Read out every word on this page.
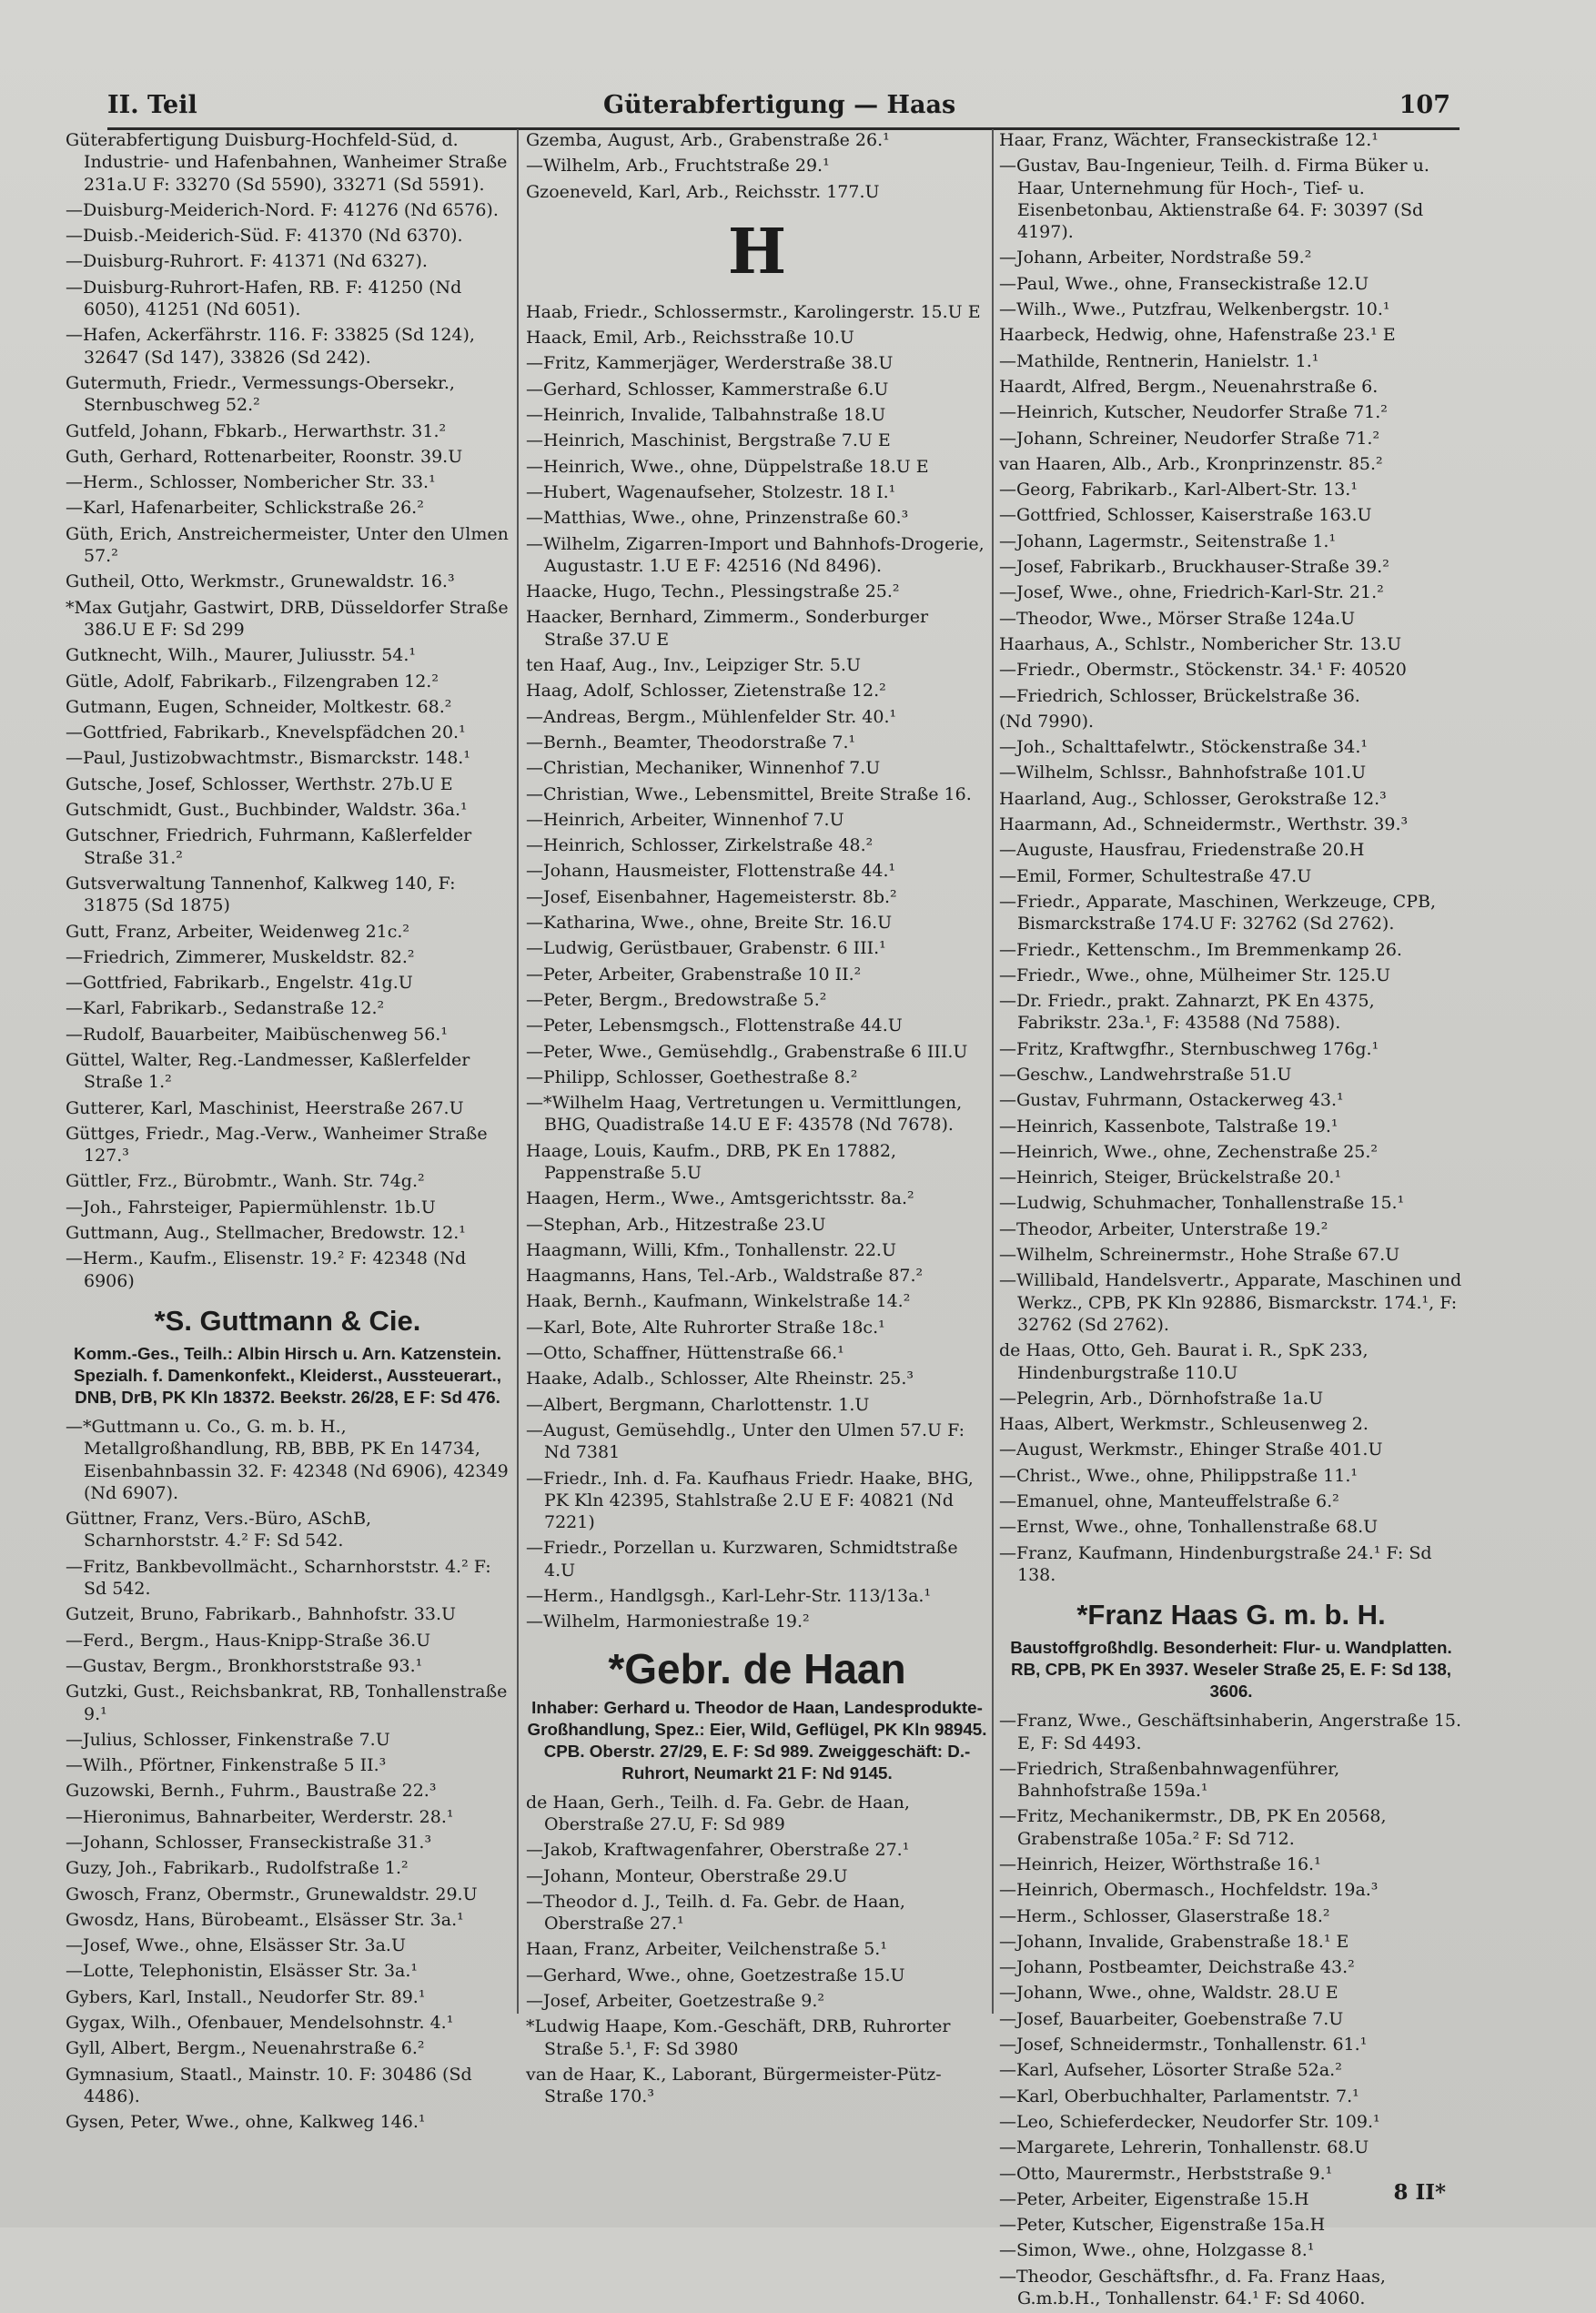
II. Teil	Güterabfertigung — Haas	107
Güterabfertigung Duisburg-Hochfeld-Süd, d. Industrie- und Hafenbahnen, Wanheimer Straße 231a.U F: 33270 (Sd 5590), 33271 (Sd 5591).
—Duisburg-Meiderich-Nord. F: 41276 (Nd 6576).
—Duisb.-Meiderich-Süd. F: 41370 (Nd 6370).
—Duisburg-Ruhrort. F: 41371 (Nd 6327).
—Duisburg-Ruhrort-Hafen, RB. F: 41250 (Nd 6050), 41251 (Nd 6051).
—Hafen, Ackerfährstr. 116. F: 33825 (Sd 124), 32647 (Sd 147), 33826 (Sd 242).
Gutermuth, Friedr., Vermessungs-Obersekr., Sternbuschweg 52.²
Gutfeld, Johann, Fbkarb., Herwarthstr. 31.²
Guth, Gerhard, Rottenarbeiter, Roonstr. 39.U
—Herm., Schlosser, Nombericher Str. 33.¹
—Karl, Hafenarbeiter, Schlickstraße 26.²
Güth, Erich, Anstreichermeister, Unter den Ulmen 57.²
Gutheil, Otto, Werkmstr., Grunewaldstr. 16.³
*Max Gutjahr, Gastwirt, DRB, Düsseldorfer Straße 386.U E F: Sd 299
Gutknecht, Wilh., Maurer, Juliusstr. 54.¹
Gütle, Adolf, Fabrikarb., Filzengraben 12.²
Gutmann, Eugen, Schneider, Moltkestr. 68.²
—Gottfried, Fabrikarb., Knevelspfädchen 20.¹
—Paul, Justizobwachtmstr., Bismarckstr. 148.¹
Gutsche, Josef, Schlosser, Werthstr. 27b.U E
Gutschmidt, Gust., Buchbinder, Waldstr. 36a.¹
Gutschner, Friedrich, Fuhrmann, Kaßlerfelder Straße 31.²
Gutsverwaltung Tannenhof, Kalkweg 140, F: 31875 (Sd 1875)
Gutt, Franz, Arbeiter, Weidenweg 21c.²
—Friedrich, Zimmerer, Muskeldstr. 82.²
—Gottfried, Fabrikarb., Engelstr. 41g.U
—Karl, Fabrikarb., Sedanstraße 12.²
—Rudolf, Bauarbeiter, Maibüschenweg 56.¹
Güttel, Walter, Reg.-Landmesser, Kaßlerfelder Straße 1.²
Gutterer, Karl, Maschinist, Heerstraße 267.U
Güttges, Friedr., Mag.-Verw., Wanheimer Straße 127.³
Güttler, Frz., Bürobmtr., Wanh. Str. 74g.²
—Joh., Fahrsteiger, Papiermühlenstr. 1b.U
Guttmann, Aug., Stellmacher, Bredowstr. 12.¹
—Herm., Kaufm., Elisenstr. 19.² F: 42348 (Nd 6906)
*S. Guttmann & Cie.
Komm.-Ges., Teilh.: Albin Hirsch u. Arn. Katzenstein. Spezialh. f. Damenkonfekt., Kleiderst., Aussteuerart., DNB, DrB, PK Kln 18372. Beekstr. 26/28, E F: Sd 476.
—*Guttmann u. Co., G. m. b. H., Metallgroßhandlung, RB, BBB, PK En 14734, Eisenbahnbassin 32. F: 42348 (Nd 6906), 42349 (Nd 6907).
Güttner, Franz, Vers.-Büro, ASchB, Scharnhorststr. 4.² F: Sd 542.
—Fritz, Bankbevollmächt., Scharnhorststr. 4.² F: Sd 542.
Gutzeit, Bruno, Fabrikarb., Bahnhofstr. 33.U
—Ferd., Bergm., Haus-Knipp-Straße 36.U
—Gustav, Bergm., Bronkhorststraße 93.¹
Gutzki, Gust., Reichsbankrat, RB, Tonhallenstraße 9.¹
—Julius, Schlosser, Finkenstraße 7.U
—Wilh., Pförtner, Finkenstraße 5 II.³
Guzowski, Bernh., Fuhrm., Baustraße 22.³
—Hieronimus, Bahnarbeiter, Werderstr. 28.¹
—Johann, Schlosser, Franseckistraße 31.³
Guzy, Joh., Fabrikarb., Rudolfstraße 1.²
Gwosch, Franz, Obermstr., Grunewaldstr. 29.U
Gwosdz, Hans, Bürobeamt., Elsässer Str. 3a.¹
—Josef, Wwe., ohne, Elsässer Str. 3a.U
—Lotte, Telephonistin, Elsässer Str. 3a.¹
Gybers, Karl, Install., Neudorfer Str. 89.¹
Gygax, Wilh., Ofenbauer, Mendelsohnstr. 4.¹
Gyll, Albert, Bergm., Neuenahrstraße 6.²
Gymnasium, Staatl., Mainstr. 10. F: 30486 (Sd 4486).
Gysen, Peter, Wwe., ohne, Kalkweg 146.¹
Gzemba, August, Arb., Grabenstraße 26.¹
—Wilhelm, Arb., Fruchtstraße 29.¹
Gzoeneveld, Karl, Arb., Reichsstr. 177.U
H
Haab, Friedr., Schlossermstr., Karolingerstr. 15.U E
Haack, Emil, Arb., Reichsstraße 10.U
—Fritz, Kammerjäger, Werderstraße 38.U
—Gerhard, Schlosser, Kammerstraße 6.U
—Heinrich, Invalide, Talbahnstraße 18.U
—Heinrich, Maschinist, Bergstraße 7.U E
—Heinrich, Wwe., ohne, Düppelstraße 18.U E
—Hubert, Wagenaufseher, Stolzestr. 18 I.¹
—Matthias, Wwe., ohne, Prinzenstraße 60.³
—Wilhelm, Zigarren-Import und Bahnhofs-Drogerie, Augustastr. 1.U E F: 42516 (Nd 8496).
Haacke, Hugo, Techn., Plessingstraße 25.²
Haacker, Bernhard, Zimmerm., Sonderburger Straße 37.U E
ten Haaf, Aug., Inv., Leipziger Str. 5.U
Haag, Adolf, Schlosser, Zietenstraße 12.²
—Andreas, Bergm., Mühlenfelder Str. 40.¹
—Bernh., Beamter, Theodorstraße 7.¹
—Christian, Mechaniker, Winnenhof 7.U
—Christian, Wwe., Lebensmittel, Breite Straße 16.
—Heinrich, Arbeiter, Winnenhof 7.U
—Heinrich, Schlosser, Zirkelstraße 48.²
—Johann, Hausmeister, Flottenstraße 44.¹
—Josef, Eisenbahner, Hagemeisterstr. 8b.²
—Katharina, Wwe., ohne, Breite Str. 16.U
—Ludwig, Gerüstbauer, Grabenstr. 6 III.¹
—Peter, Arbeiter, Grabenstraße 10 II.²
—Peter, Bergm., Bredowstraße 5.²
—Peter, Lebensmgsch., Flottenstraße 44.U
—Peter, Wwe., Gemüsehdlg., Grabenstraße 6 III.U
—Philipp, Schlosser, Goethestraße 8.²
—*Wilhelm Haag, Vertretungen u. Vermittlungen, BHG, Quadistraße 14.U E F: 43578 (Nd 7678).
Haage, Louis, Kaufm., DRB, PK En 17882, Pappenstraße 5.U
Haagen, Herm., Wwe., Amtsgerichtsstr. 8a.²
—Stephan, Arb., Hitzestraße 23.U
Haagmann, Willi, Kfm., Tonhallenstr. 22.U
Haagmanns, Hans, Tel.-Arb., Waldstraße 87.²
Haak, Bernh., Kaufmann, Winkelstraße 14.²
—Karl, Bote, Alte Ruhrorter Straße 18c.¹
—Otto, Schaffner, Hüttenstraße 66.¹
Haake, Adalb., Schlosser, Alte Rheinstr. 25.³
—Albert, Bergmann, Charlottenstr. 1.U
—August, Gemüsehdlg., Unter den Ulmen 57.U F: Nd 7381
—Friedr., Inh. d. Fa. Kaufhaus Friedr. Haake, BHG, PK Kln 42395, Stahlstraße 2.U E F: 40821 (Nd 7221)
—Friedr., Porzellan u. Kurzwaren, Schmidtstraße 4.U
—Herm., Handlgsgh., Karl-Lehr-Str. 113/13a.¹
—Wilhelm, Harmoniestraße 19.²
*Gebr. de Haan
Inhaber: Gerhard u. Theodor de Haan, Landesprodukte-Großhandlung, Spez.: Eier, Wild, Geflügel, PK Kln 98945. CPB. Oberstr. 27/29, E. F: Sd 989. Zweiggeschäft: D.-Ruhrort, Neumarkt 21 F: Nd 9145.
de Haan, Gerh., Teilh. d. Fa. Gebr. de Haan, Oberstraße 27.U, F: Sd 989
—Jakob, Kraftwagenfahrer, Oberstraße 27.¹
—Johann, Monteur, Oberstraße 29.U
—Theodor d. J., Teilh. d. Fa. Gebr. de Haan, Oberstraße 27.¹
Haan, Franz, Arbeiter, Veilchenstraße 5.¹
—Gerhard, Wwe., ohne, Goetzestraße 15.U
—Josef, Arbeiter, Goetzestraße 9.²
*Ludwig Haape, Kom.-Geschäft, DRB, Ruhrorter Straße 5.¹, F: Sd 3980
van de Haar, K., Laborant, Bürgermeister-Pütz-Straße 170.³
Haar, Franz, Wächter, Franseckistraße 12.¹
—Gustav, Bau-Ingenieur, Teilh. d. Firma Büker u. Haar, Unternehmung für Hoch-, Tief- u. Eisenbetonbau, Aktienstraße 64. F: 30397 (Sd 4197).
—Johann, Arbeiter, Nordstraße 59.²
—Paul, Wwe., ohne, Franseckistraße 12.U
—Wilh., Wwe., Putzfrau, Welkenbergstr. 10.¹
Haarbeck, Hedwig, ohne, Hafenstraße 23.¹ E
—Mathilde, Rentnerin, Hanielstr. 1.¹
Haardt, Alfred, Bergm., Neuenahrstraße 6.
—Heinrich, Kutscher, Neudorfer Straße 71.²
—Johann, Schreiner, Neudorfer Straße 71.²
van Haaren, Alb., Arb., Kronprinzenstr. 85.²
—Georg, Fabrikarb., Karl-Albert-Str. 13.¹
—Gottfried, Schlosser, Kaiserstraße 163.U
—Johann, Lagermstr., Seitenstraße 1.¹
—Josef, Fabrikarb., Bruckhauser-Straße 39.²
—Josef, Wwe., ohne, Friedrich-Karl-Str. 21.²
—Theodor, Wwe., Mörser Straße 124a.U
Haarhaus, A., Schlstr., Nombericher Str. 13.U
—Friedr., Obermstr., Stöckenstr. 34.¹ F: 40520
—Friedrich, Schlosser, Brückelstraße 36.
(Nd 7990).
—Joh., Schalttafelwtr., Stöckenstraße 34.¹
—Wilhelm, Schlssr., Bahnhofstraße 101.U
Haarland, Aug., Schlosser, Gerokstraße 12.³
Haarmann, Ad., Schneidermstr., Werthstr. 39.³
—Auguste, Hausfrau, Friedenstraße 20.H
—Emil, Former, Schultestraße 47.U
—Friedr., Apparate, Maschinen, Werkzeuge, CPB, Bismarckstraße 174.U F: 32762 (Sd 2762).
—Friedr., Kettenschm., Im Bremmenkamp 26.
—Friedr., Wwe., ohne, Mülheimer Str. 125.U
—Dr. Friedr., prakt. Zahnarzt, PK En 4375, Fabrikstr. 23a.¹, F: 43588 (Nd 7588).
—Fritz, Kraftwgfhr., Sternbuschweg 176g.¹
—Geschw., Landwehrstraße 51.U
—Gustav, Fuhrmann, Ostackerweg 43.¹
—Heinrich, Kassenbote, Talstraße 19.¹
—Heinrich, Wwe., ohne, Zechenstraße 25.²
—Heinrich, Steiger, Brückelstraße 20.¹
—Ludwig, Schuhmacher, Tonhallenstraße 15.¹
—Theodor, Arbeiter, Unterstraße 19.²
—Wilhelm, Schreinermstr., Hohe Straße 67.U
—Willibald, Handelsvertr., Apparate, Maschinen und Werkz., CPB, PK Kln 92886, Bismarckstr. 174.¹, F: 32762 (Sd 2762).
de Haas, Otto, Geh. Baurat i. R., SpK 233, Hindenburgstraße 110.U
—Pelegrin, Arb., Dörnhofstraße 1a.U
Haas, Albert, Werkmstr., Schleusenweg 2.
—August, Werkmstr., Ehinger Straße 401.U
—Christ., Wwe., ohne, Philippstraße 11.¹
—Emanuel, ohne, Manteuffelstraße 6.²
—Ernst, Wwe., ohne, Tonhallenstraße 68.U
—Franz, Kaufmann, Hindenburgstraße 24.¹ F: Sd 138.
*Franz Haas G. m. b. H.
Baustoffgroßhdlg. Besonderheit: Flur- u. Wandplatten. RB, CPB, PK En 3937. Weseler Straße 25, E. F: Sd 138, 3606.
—Franz, Wwe., Geschäftsinhaberin, Angerstraße 15. E, F: Sd 4493.
—Friedrich, Straßenbahnwagenführer, Bahnhofstraße 159a.¹
—Fritz, Mechanikermstr., DB, PK En 20568, Grabenstraße 105a.² F: Sd 712.
—Heinrich, Heizer, Wörthstraße 16.¹
—Heinrich, Obermasch., Hochfeldstr. 19a.³
—Herm., Schlosser, Glaserstraße 18.²
—Johann, Invalide, Grabenstraße 18.¹ E
—Johann, Postbeamter, Deichstraße 43.²
—Johann, Wwe., ohne, Waldstr. 28.U E
—Josef, Bauarbeiter, Goebenstraße 7.U
—Josef, Schneidermstr., Tonhallenstr. 61.¹
—Karl, Aufseher, Lösorter Straße 52a.²
—Karl, Oberbuchhalter, Parlamentstr. 7.¹
—Leo, Schieferdecker, Neudorfer Str. 109.¹
—Margarete, Lehrerin, Tonhallenstr. 68.U
—Otto, Maurermstr., Herbststraße 9.¹
—Peter, Arbeiter, Eigenstraße 15.H
—Peter, Kutscher, Eigenstraße 15a.H
—Simon, Wwe., ohne, Holzgasse 8.¹
—Theodor, Geschäftsfhr., d. Fa. Franz Haas, G.m.b.H., Tonhallenstr. 64.¹ F: Sd 4060.
8 II*
